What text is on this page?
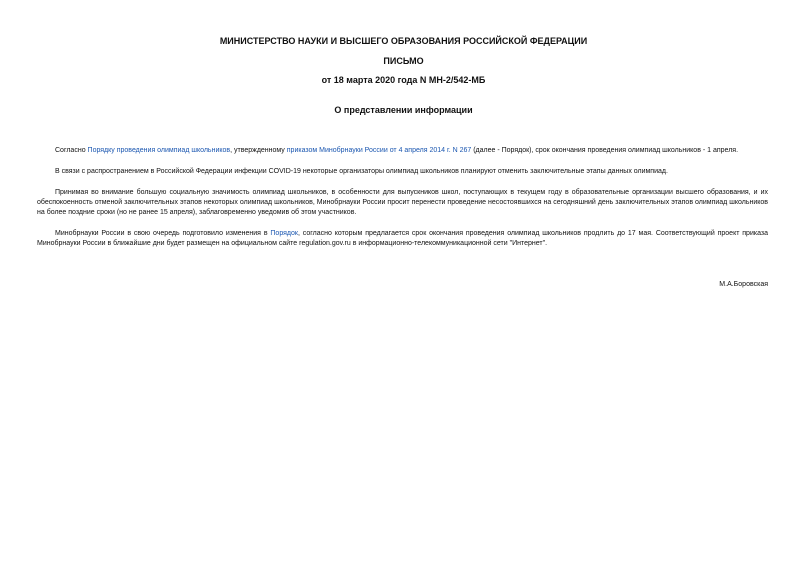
МИНИСТЕРСТВО НАУКИ И ВЫСШЕГО ОБРАЗОВАНИЯ РОССИЙСКОЙ ФЕДЕРАЦИИ
ПИСЬМО
от 18 марта 2020 года N МН-2/542-МБ
О представлении информации

Согласно Порядку проведения олимпиад школьников, утвержденному приказом Минобрнауки России от 4 апреля 2014 г. N 267 (далее - Порядок), срок окончания проведения олимпиад школьников - 1 апреля.

В связи с распространением в Российской Федерации инфекции COVID-19 некоторые организаторы олимпиад школьников планируют отменить заключительные этапы данных олимпиад.

Принимая во внимание большую социальную значимость олимпиад школьников, в особенности для выпускников школ, поступающих в текущем году в образовательные организации высшего образования, и их обеспокоенность отменой заключительных этапов некоторых олимпиад школьников, Минобрнауки России просит перенести проведение несостоявшихся на сегодняшний день заключительных этапов олимпиад школьников на более поздние сроки (но не ранее 15 апреля), заблаговременно уведомив об этом участников.

Минобрнауки России в свою очередь подготовило изменения в Порядок, согласно которым предлагается срок окончания проведения олимпиад школьников продлить до 17 мая. Соответствующий проект приказа Минобрнауки России в ближайшие дни будет размещен на официальном сайте regulation.gov.ru в информационно-телекоммуникационной сети "Интернет".

М.А.Боровская
